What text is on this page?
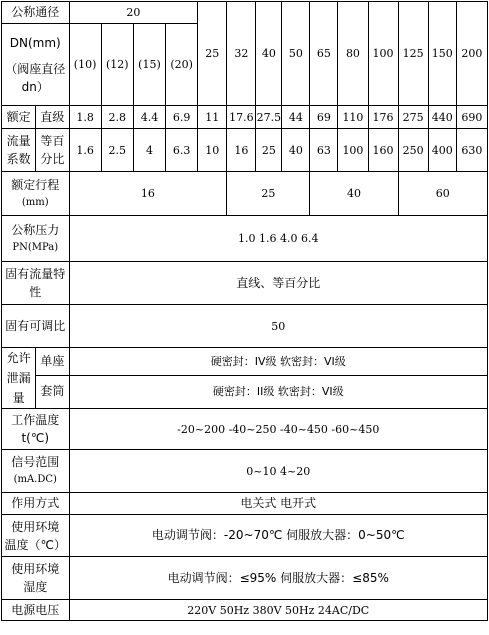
公称通径		20				25	32	40	50	65	80	100	125	150	200

DN(mm)
（阀座直径 dn）		(10)	(12)	(15)	(20)										
额定	直级	1.8	2.8	4.4	6.9	11	17.6	27.5	44	69	110	176	275	440	690

流量
系数	等百分比	1.6	2.5	4	6.3	10	16	25	40	63	100	160	250	400	630

额定行程
(mm)		16					25			40			60		

公称压力
PN(MPa)		1.0 1.6 4.0 6.4													
固有流量特性		直线、等百分比													
固有可调比		50													
允许泄漏量	单座	硬密封：IV级 软密封：VI级													
	套筒	硬密封：II级 软密封：VI级													

工作温度
t(℃)		-20~200 -40~250 -40~450 -60~450													

信号范围
(mA.DC)		0~10 4~20													
作用方式		电关式 电开式													

使用环境
温度（℃）		电动调节阀：-20~70℃ 伺服放大器：0~50℃													

使用环境
湿度		电动调节阀：≤95% 伺服放大器：≤85%													
电源电压		220V 50Hz 380V 50Hz 24AC/DC													
